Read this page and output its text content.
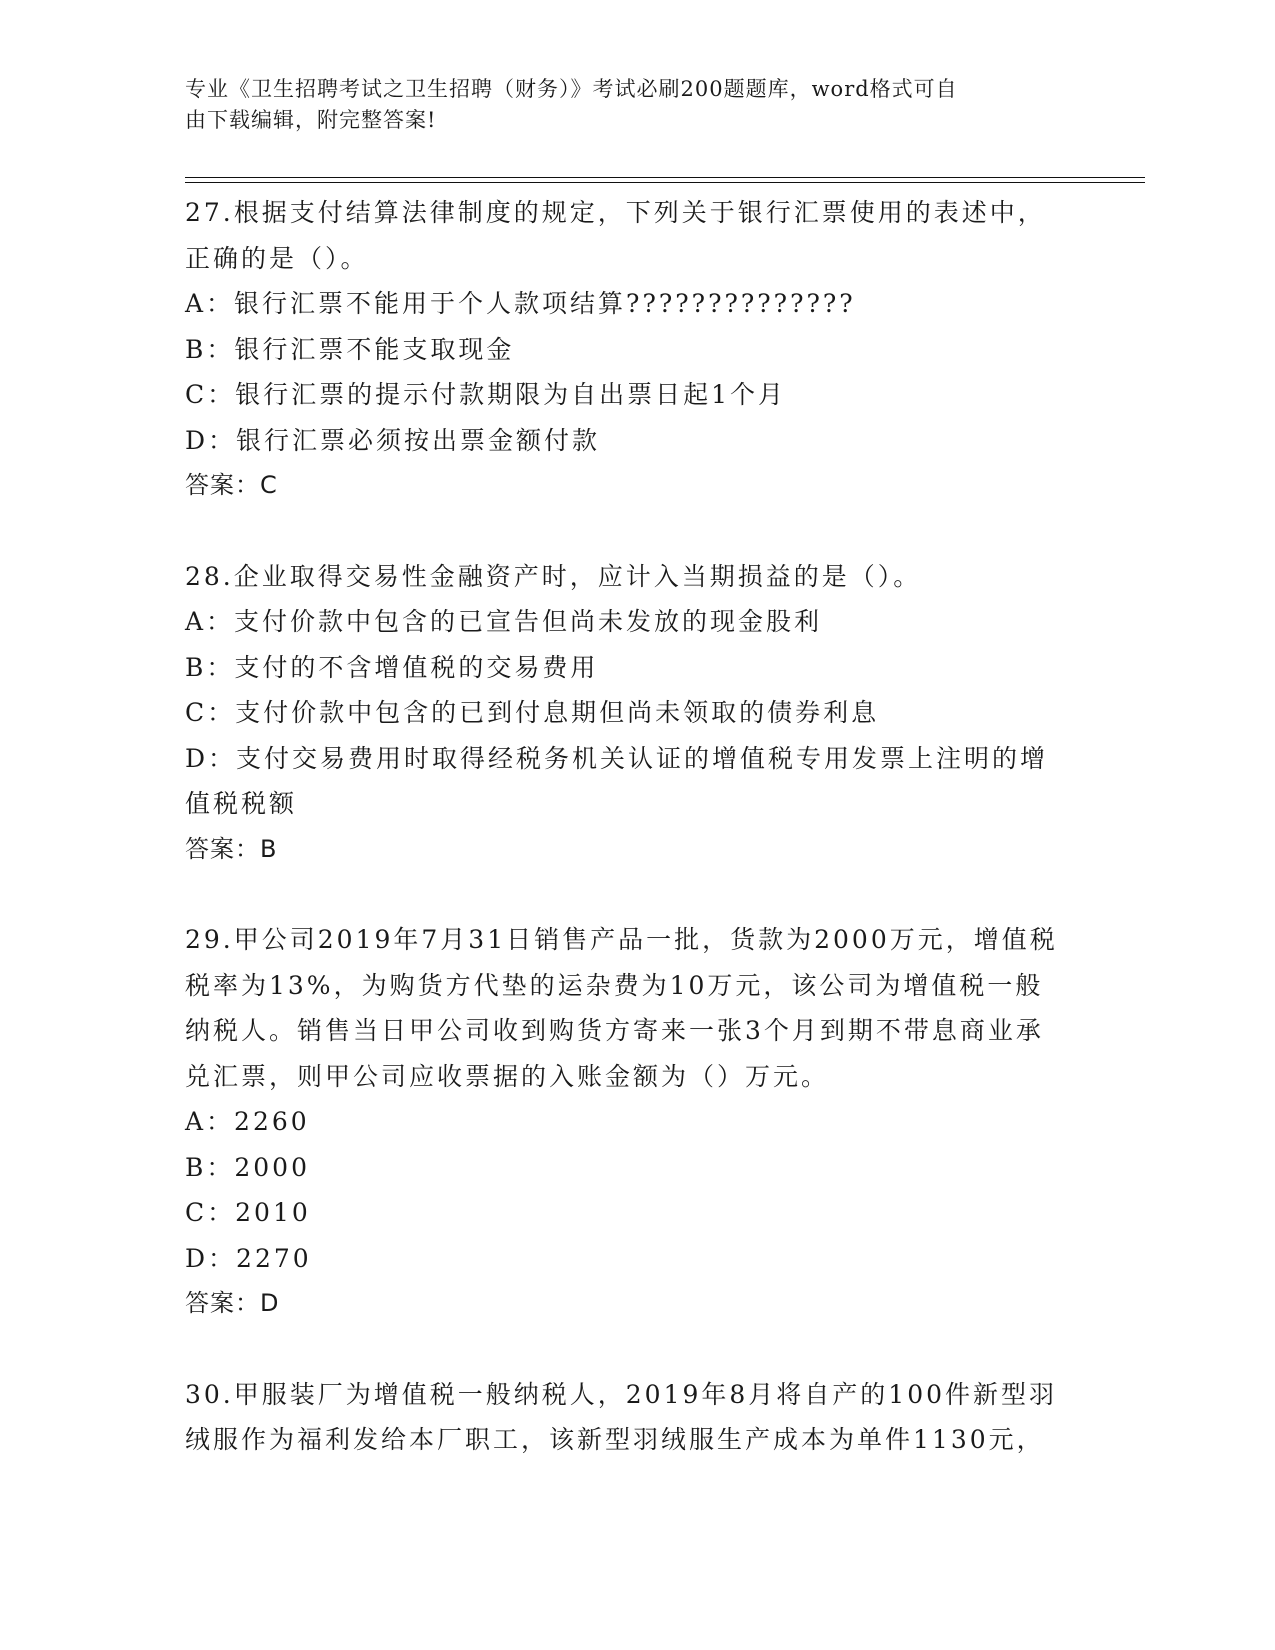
专业《卫生招聘考试之卫生招聘（财务）》考试必刷200题题库，word格式可自
由下载编辑，附完整答案!

27.根据支付结算法律制度的规定，下列关于银行汇票使用的表述中，正确的是（）。

A：银行汇票不能用于个人款项结算??????????????

B：银行汇票不能支取现金

C：银行汇票的提示付款期限为自出票日起1个月

D：银行汇票必须按出票金额付款

答案：C

28.企业取得交易性金融资产时，应计入当期损益的是（）。

A：支付价款中包含的已宣告但尚未发放的现金股利

B：支付的不含增值税的交易费用

C：支付价款中包含的已到付息期但尚未领取的债券利息

D：支付交易费用时取得经税务机关认证的增值税专用发票上注明的增值税税额

答案：B

29.甲公司2019年7月31日销售产品一批，货款为2000万元，增值税税率为13%，为购货方代垫的运杂费为10万元，该公司为增值税一般纳税人。销售当日甲公司收到购货方寄来一张3个月到期不带息商业承兑汇票，则甲公司应收票据的入账金额为（）万元。

A：2260

B：2000

C：2010

D：2270

答案：D

30.甲服装厂为增值税一般纳税人，2019年8月将自产的100件新型羽绒服作为福利发给本厂职工，该新型羽绒服生产成本为单件1130元，
